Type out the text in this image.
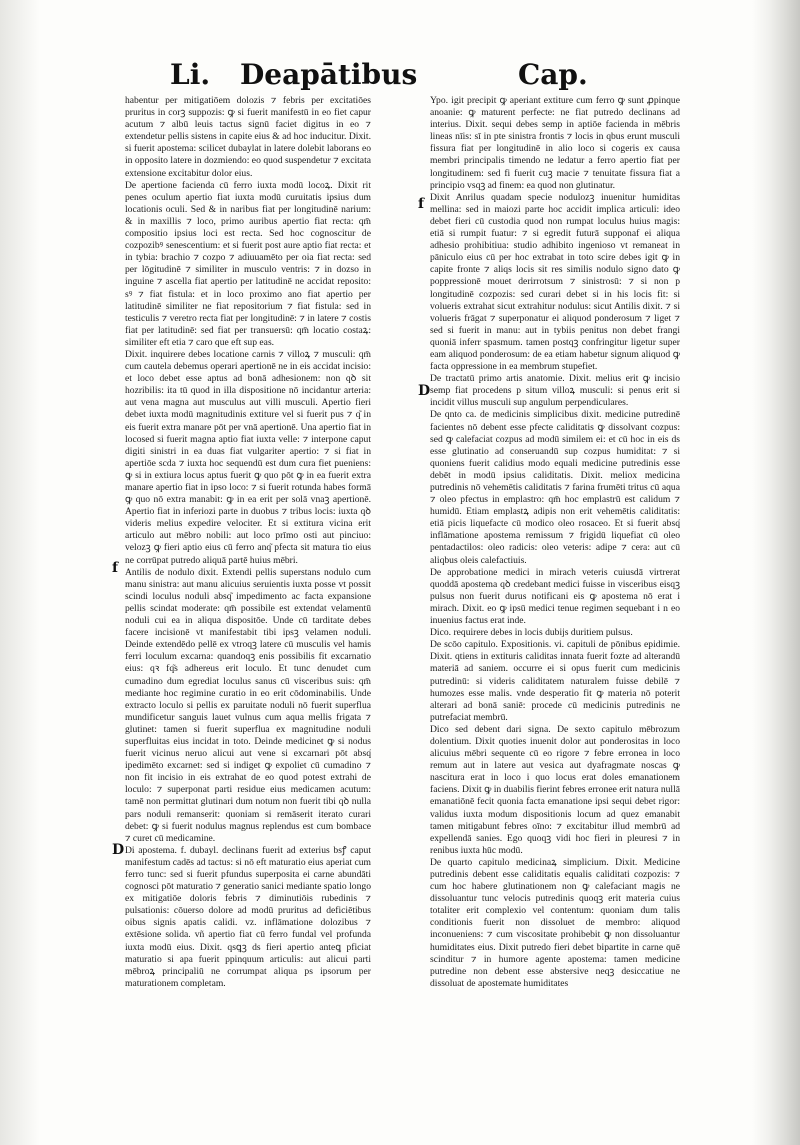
Li. Deapātibus	Cap.

habentur per mitigatiōem dolozis ⁊ febris per excitatiōes pruritus in corꝫ suppozis: ꝙ si fuerit manifestū in eo fiet capur acutum ⁊ albū leuis tactus signū faciet digitus in eo ⁊ extendetur pellis sistens in capite eius & ad hoc inducitur. Dixit. si fuerit apostema: scilicet dubaylat in latere dolebit laborans eo in opposito latere in dozmiendo: eo quod suspendetur ⁊ excitata extensione excitabitur dolor eius.

De apertione facienda cū ferro iuxta modū locoꝝ. Dixit rit penes oculum apertio fiat iuxta modū curuitatis ipsius dum locationis oculi. Sed & in naribus fiat per longitudinē narium: & in maxillis ⁊ loco, primo auribus apertio fiat recta: qm̄ compositio ipsius loci est recta. Sed hoc cognoscitur de cozpozibꝰ senescentium: et si fuerit post aure aptio fiat recta: et in tybia: brachio ⁊ cozpo ⁊ adiuuamēto per oia fiat recta: sed per lōgitudinē ⁊ similiter in musculo ventris: ⁊ in dozso in inguine ⁊ ascella fiat apertio per latitudinē ne accidat reposito: sꝰ ⁊ fiat fistula: et in loco proximo ano fiat apertio per latitudinē similiter ne fiat repositorium ⁊ fiat fistula: sed in testiculis ⁊ veretro recta fiat per longitudinē: ⁊ in latere ⁊ costis fiat per latitudinē: sed fiat per transuersū: qm̄ locatio costaꝝ: similiter eft etia ⁊ caro que eft sup eas.

Dixit. inquirere debes locatione carnis ⁊ villoꝝ ⁊ musculi: qm̄ cum cautela debemus operari apertionē ne in eis accidat incisio: et loco debet esse aptus ad bonā adhesionem: non qꝺ sit hozribilis: ita tū quod in illa dispositione nō incidantur arteria: aut vena magna aut musculus aut villi musculi. Apertio fieri debet iuxta modū magnitudinis extiture vel si fuerit pus ⁊ q͂ in eis fuerit extra manare pōt per vnā apertionē. Una apertio fiat in locosed si fuerit magna aptio fiat iuxta velle: ⁊ interpone caput digiti sinistri in ea duas fiat vulgariter apertio: ⁊ si fiat in apertiōe scda ⁊ iuxta hoc sequendū est dum cura fiet pueniens: ꝙ si in extiura locus aptus fuerit ꝙ quo pōt ꝙ in ea fuerit extra manare apertio fiat in ipso loco: ⁊ si fuerit rotunda habes formā ꝙ quo nō extra manabit: ꝙ in ea erit per solā vnaꝫ apertionē. Apertio fiat in inferiozi parte in duobus ⁊ tribus locis: iuxta qꝺ videris melius expedire velociter. Et si extitura vicina erit articulo aut mēbro nobili: aut loco prīmo osti aut pinciuo: velozꝫ ꝙ fieri aptio eius cū ferro anq͂ pfecta sit matura tio eius ne corrūpat putredo aliquā partē huius mēbri.

Antilis de nodulo dixit. Extendi pellis superstans nodulo cum manu sinistra: aut manu alicuius seruientis iuxta posse vt possit scindi loculus noduli absq͂ impedimento ac facta expansione pellis scindat moderate: qm̄ possibile est extendat velamentū noduli cui ea in aliqua dispositōe. Unde cū tarditate debes facere incisionē vt manifestabit tibi ipsꝫ velamen noduli. Deinde extendēdo pellē ex vtroqꝫ latere cū musculis vel hamis ferri loculum excarna: quandoqꝫ enis possibilis fit excarnatio eius: qꝛ fq͂s adhereus erit loculo. Et tunc denudet cum cumadino dum egrediat loculus sanus cū visceribus suis: qm̄ mediante hoc regimine curatio in eo erit cōdominabilis. Unde extracto loculo si pellis ex paruitate noduli nō fuerit superflua mundificetur sanguis lauet vulnus cum aqua mellis frigata ⁊ glutinet: tamen si fuerit superflua ex magnitudine noduli superfluitas eius incidat in toto. Deinde medicinet ꝙ si nodus fuerit vicinus neruo alicui aut vene si excarnari pōt absq͂ ipedimēto excarnet: sed si indiget ꝙ expoliet cū cumadino ⁊ non fit incisio in eis extrahat de eo quod potest extrahi de loculo: ⁊ superponat parti residue eius medicamen acutum: tamē non permittat glutinari dum notum non fuerit tibi qꝺ nulla pars noduli remanserit: quoniam si remāserit iterato curari debet: ꝙ si fuerit nodulus magnus replendus est cum bombace ⁊ curet cū medicamine.

Di apostema. f. dubayl. declinans fuerit ad exterius bsꝭ caput manifestum cadēs ad tactus: si nō eft maturatio eius aperiat cum ferro tunc: sed si fuerit pfundus superposita ei carne abundāti cognosci pōt maturatio ⁊ generatio sanici mediante spatio longo ex mitigatiōe doloris febris ⁊ diminutiōis rubedinis ⁊ pulsationis: cōuerso dolore ad modū pruritus ad deficiētibus oibus signis apatis calidi. vz. inflāmatione dolozibus ⁊ extēsione solida. vñ apertio fiat cū ferro fundal vel profunda iuxta modū eius. Dixit. qsꝗꝫ ds fieri apertio anteꝗ pficiat maturatio si apa fuerit ppinquum articulis: aut alicui parti mēbroꝝ principaliū ne corrumpat aliqua ps ipsorum per maturationem completam.

f
D

Ypo. igit precipit ꝙ aperiant extiture cum ferro ꝙ sunt ꝓpinque anoanie: ꝙ maturent perfecte: ne fiat putredo declinans ad interius. Dixit. sequi debes semp in aptiōe facienda in mēbris lineas nīis: sī in pte sinistra frontis ⁊ locis in qbus erunt musculi fissura fiat per longitudinē in alio loco si cogeris ex causa membri principalis timendo ne ledatur a ferro apertio fiat per longitudinem: sed fi fuerit cuꝫ macie ⁊ tenuitate fissura fiat a principio vsqꝫ ad finem: ea quod non glutinatur.

Dixit Anrilus quadam specie nodulozꝫ inuenitur humiditas mellina: sed in maiozi parte hoc accidit implica articuli: ideo debet fieri cū custodia quod non rumpat loculus huius magis: etiā si rumpit fuatur: ⁊ si egredit futurā supponaf ei aliqua adhesio prohibitiua: studio adhibito ingenioso vt remaneat in pāniculo eius cū per hoc extrabat in toto scire debes igit ꝙ in capite fronte ⁊ aliqs locis sit res similis nodulo signo dato ꝙ poppressionē mouet derirrotsum ⁊ sinistrosū: ⁊ si non p longitudinē cozpozis: sed curari debet si in his locis fit: si volueris extrahat sicut extrahitur nodulus: sicut Antilis dixit. ⁊ si volueris frāgat ⁊ superponatur ei aliquod ponderosum ⁊ liget ⁊ sed si fuerit in manu: aut in tybiis penitus non debet frangi quoniā inferr spasmum. tamen postqꝫ confringitur ligetur super eam aliquod ponderosum: de ea etiam habetur signum aliquod ꝙ facta oppressione in ea membrum stupefiet.

De tractatū primo artis anatomie. Dixit. melius erit ꝙ incisio semp fiat procedens p situm villoꝝ musculi: si penus erit si incidit villus musculi sup angulum perpendiculares.

De qnto ca. de medicinis simplicibus dixit. medicine putredinē facientes nō debent esse pfecte caliditatis ꝙ dissolvant cozpus: sed ꝙ calefaciat cozpus ad modū similem ei: et cū hoc in eis ds esse glutinatio ad conseruandū sup cozpus humiditat: ⁊ si quoniens fuerit calidius modo equali medicine putredinis esse debēt in modū ipsius caliditatis. Dixit. meliox medicina putredinis nō vehemētis caliditatis ⁊ farina frumēti tritus cū aqua ⁊ oleo pfectus in emplastro: qm̄ hoc emplastrū est calidum ⁊ humidū. Etiam emplastꝝ adipis non erit vehemētis caliditatis: etiā picis liquefacte cū modico oleo rosaceo. Et si fuerit absq͂ inflāmatione apostema remissum ⁊ frigidū liquefiat cū oleo pentadactilos: oleo radicis: oleo veteris: adipe ⁊ cera: aut cū aliqbus oleis calefactiuis.

De approbatione medici in mirach veteris cuiusdā virtrerat quoddā apostema qꝺ credebant medici fuisse in visceribus eisqꝫ pulsus non fuerit durus notificani eis ꝙ apostema nō erat i mirach. Dixit. eo ꝙ ipsū medici tenue regimen sequebant i n eo inuenius factus erat inde.

Dico. requirere debes in locis dubijs duritiem pulsus.

De scōo capitulo. Expositionis. vi. capituli de pōnibus epidimie. Dixit. qtiens in extituris caliditas innata fuerit fozte ad alterandū materiā ad saniem. occurre ei si opus fuerit cum medicinis putredinū: si videris caliditatem naturalem fuisse debilē ⁊ humozes esse malis. vnde desperatio fit ꝙ materia nō poterit alterari ad bonā saniē: procede cū medicinis putredinis ne putrefaciat membrū.

Dico sed debent dari signa. De sexto capitulo mēbrozum dolentium. Dixit quoties inuenit dolor aut ponderositas in loco alicuius mēbri sequente cū eo rigore ⁊ febre erronea in loco remum aut in latere aut vesica aut dyafragmate noscas ꝙ nascitura erat in loco i quo locus erat doles emanationem faciens. Dixit ꝙ in duabilis fierint febres erronee erit natura nullā emanatiōnē fecit quonia facta emanatione ipsi sequi debet rigor: validus iuxta modum dispositionis locum ad quez emanabit tamen mitigabunt febres oīno: ⁊ excitabitur illud membrū ad expellendā sanies. Ego quoqꝫ vidi hoc fieri in pleuresi ⁊ in renibus iuxta hūc modū.

De quarto capitulo medicinaꝝ simplicium. Dixit. Medicine putredinis debent esse caliditatis equalis caliditati cozpozis: ⁊ cum hoc habere glutinationem non ꝙ calefaciant magis ne dissoluantur tunc velocis putredinis quoqꝫ erit materia cuius totaliter erit complexio vel contentum: quoniam dum talis conditionis fuerit non dissoluet de membro: aliquod inconueniens: ⁊ cum viscositate prohibebit ꝙ non dissoluantur humiditates eius. Dixit putredo fieri debet bipartite in carne quē scinditur ⁊ in humore agente apostema: tamen medicine putredine non debent esse abstersive neqꝫ desiccatiue ne dissoluat de apostemate humiditates

f
D
